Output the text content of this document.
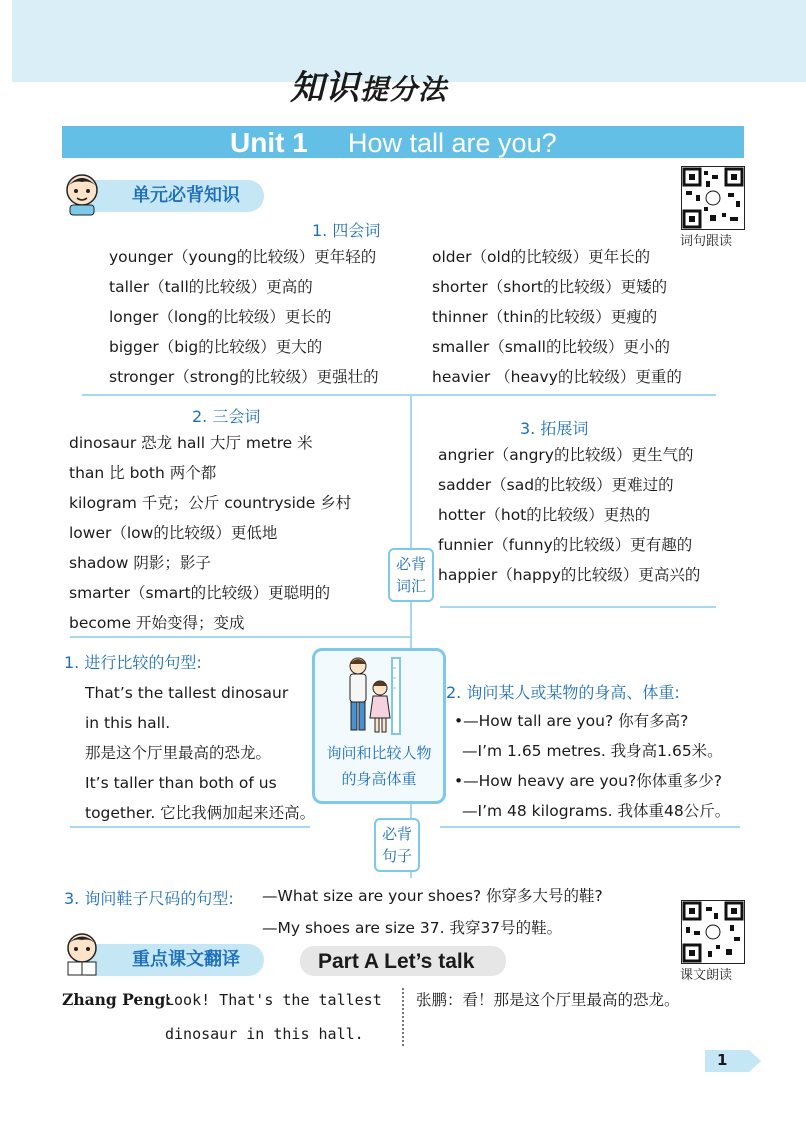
知识提分法
Unit 1 How tall are you?
单元必背知识
词句跟读
1. 四会词
younger（young的比较级）更年轻的
taller（tall的比较级）更高的
longer（long的比较级）更长的
bigger（big的比较级）更大的
stronger（strong的比较级）更强壮的
older（old的比较级）更年长的
shorter（short的比较级）更矮的
thinner（thin的比较级）更瘦的
smaller（small的比较级）更小的
heavier （heavy的比较级）更重的
2. 三会词
dinosaur 恐龙 hall 大厅 metre 米
than 比 both 两个都
kilogram 千克；公斤 countryside 乡村
lower（low的比较级）更低地
shadow 阴影；影子
smarter（smart的比较级）更聪明的
become 开始变得；变成
3. 拓展词
angrier（angry的比较级）更生气的
sadder（sad的比较级）更难过的
hotter（hot的比较级）更热的
funnier（funny的比较级）更有趣的
happier（happy的比较级）更高兴的
必背
词汇
1. 进行比较的句型:
That’s the tallest dinosaur
in this hall.
那是这个厅里最高的恐龙。
It’s taller than both of us
together. 它比我俩加起来还高。
询问和比较人物
的身高体重
2. 询问某人或某物的身高、体重:
•—How tall are you? 你有多高?
—I’m 1.65 metres. 我身高1.65米。
•—How heavy are you?你体重多少?
—I’m 48 kilograms. 我体重48公斤。
必背
句子
3. 询问鞋子尺码的句型: —What size are your shoes? 你穿多大号的鞋?
—My shoes are size 37. 我穿37号的鞋。
课文朗读
重点课文翻译	Part A Let’s talk
Zhang Peng:
Look! That's the tallest
dinosaur in this hall.
张鹏：看！那是这个厅里最高的恐龙。
1
